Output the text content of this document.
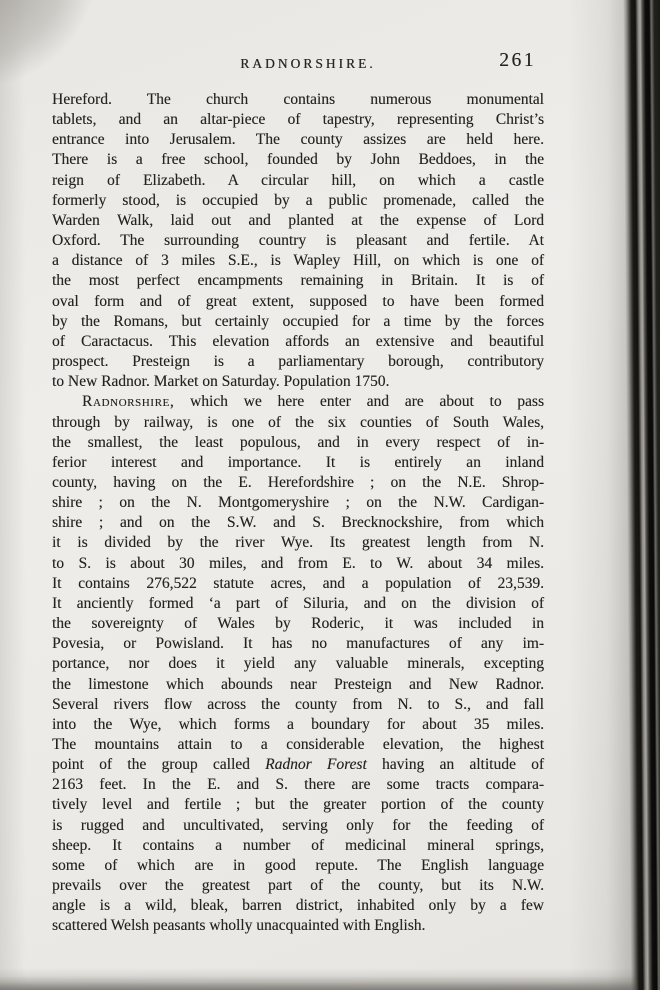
RADNORSHIRE.	261
Hereford. The church contains numerous monumental
tablets, and an altar-piece of tapestry, representing Christ’s
entrance into Jerusalem. The county assizes are held here.
There is a free school, founded by John Beddoes, in the
reign of Elizabeth. A circular hill, on which a castle
formerly stood, is occupied by a public promenade, called the
Warden Walk, laid out and planted at the expense of Lord
Oxford. The surrounding country is pleasant and fertile. At
a distance of 3 miles S.E., is Wapley Hill, on which is one of
the most perfect encampments remaining in Britain. It is of
oval form and of great extent, supposed to have been formed
by the Romans, but certainly occupied for a time by the forces
of Caractacus. This elevation affords an extensive and beautiful
prospect. Presteign is a parliamentary borough, contributory
to New Radnor. Market on Saturday. Population 1750.
Radnorshire, which we here enter and are about to pass
through by railway, is one of the six counties of South Wales,
the smallest, the least populous, and in every respect of in-
ferior interest and importance. It is entirely an inland
county, having on the E. Herefordshire ; on the N.E. Shrop-
shire ; on the N. Montgomeryshire ; on the N.W. Cardigan-
shire ; and on the S.W. and S. Brecknockshire, from which
it is divided by the river Wye. Its greatest length from N.
to S. is about 30 miles, and from E. to W. about 34 miles.
It contains 276,522 statute acres, and a population of 23,539.
It anciently formed ‘a part of Siluria, and on the division of
the sovereignty of Wales by Roderic, it was included in
Povesia, or Powisland. It has no manufactures of any im-
portance, nor does it yield any valuable minerals, excepting
the limestone which abounds near Presteign and New Radnor.
Several rivers flow across the county from N. to S., and fall
into the Wye, which forms a boundary for about 35 miles.
The mountains attain to a considerable elevation, the highest
point of the group called Radnor Forest having an altitude of
2163 feet. In the E. and S. there are some tracts compara-
tively level and fertile ; but the greater portion of the county
is rugged and uncultivated, serving only for the feeding of
sheep. It contains a number of medicinal mineral springs,
some of which are in good repute. The English language
prevails over the greatest part of the county, but its N.W.
angle is a wild, bleak, barren district, inhabited only by a few
scattered Welsh peasants wholly unacquainted with English.
